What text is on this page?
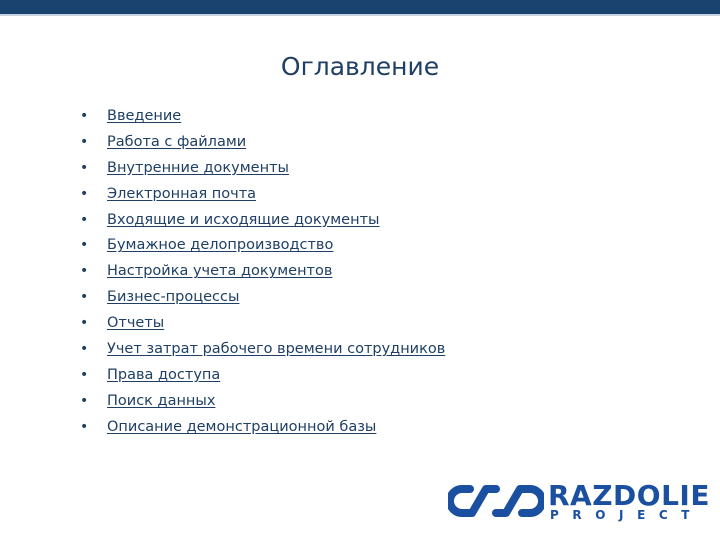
Оглавление
• Введение
• Работа с файлами
• Внутренние документы
• Электронная почта
• Входящие и исходящие документы
• Бумажное делопроизводство
• Настройка учета документов
• Бизнес-процессы
• Отчеты
• Учет затрат рабочего времени сотрудников
• Права доступа
• Поиск данных
• Описание демонстрационной базы
RAZDOLIE
PROJECT
